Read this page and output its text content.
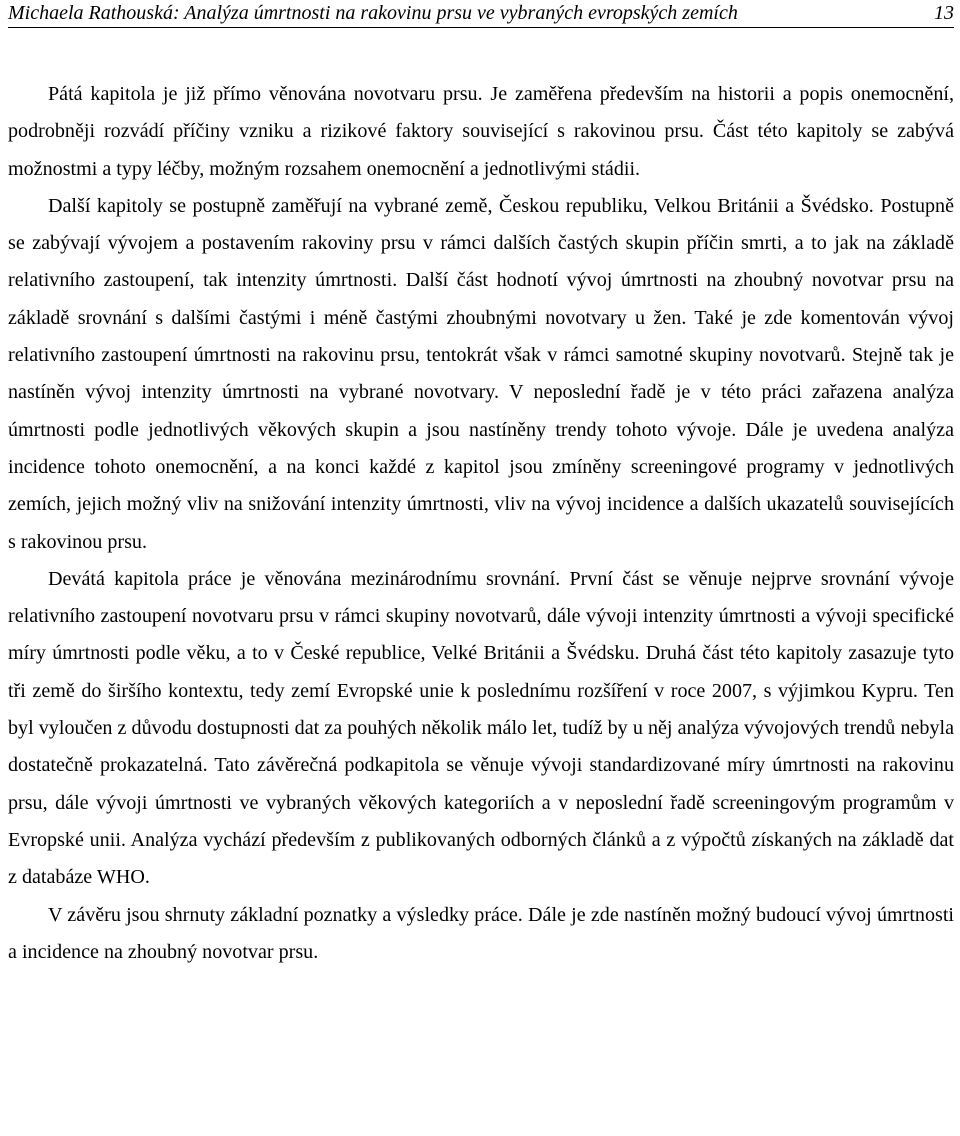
Michaela Rathouská: Analýza úmrtnosti na rakovinu prsu ve vybraných evropských zemích	13

Pátá kapitola je již přímo věnována novotvaru prsu. Je zaměřena především na historii a popis onemocnění, podrobněji rozvádí příčiny vzniku a rizikové faktory související s rakovinou prsu. Část této kapitoly se zabývá možnostmi a typy léčby, možným rozsahem onemocnění a jednotlivými stádii.

Další kapitoly se postupně zaměřují na vybrané země, Českou republiku, Velkou Británii a Švédsko. Postupně se zabývají vývojem a postavením rakoviny prsu v rámci dalších častých skupin příčin smrti, a to jak na základě relativního zastoupení, tak intenzity úmrtnosti. Další část hodnotí vývoj úmrtnosti na zhoubný novotvar prsu na základě srovnání s dalšími častými i méně častými zhoubnými novotvary u žen. Také je zde komentován vývoj relativního zastoupení úmrtnosti na rakovinu prsu, tentokrát však v rámci samotné skupiny novotvarů. Stejně tak je nastíněn vývoj intenzity úmrtnosti na vybrané novotvary. V neposlední řadě je v této práci zařazena analýza úmrtnosti podle jednotlivých věkových skupin a jsou nastíněny trendy tohoto vývoje. Dále je uvedena analýza incidence tohoto onemocnění, a na konci každé z kapitol jsou zmíněny screeningové programy v jednotlivých zemích, jejich možný vliv na snižování intenzity úmrtnosti, vliv na vývoj incidence a dalších ukazatelů souvisejících s rakovinou prsu.

Devátá kapitola práce je věnována mezinárodnímu srovnání. První část se věnuje nejprve srovnání vývoje relativního zastoupení novotvaru prsu v rámci skupiny novotvarů, dále vývoji intenzity úmrtnosti a vývoji specifické míry úmrtnosti podle věku, a to v České republice, Velké Británii a Švédsku. Druhá část této kapitoly zasazuje tyto tři země do širšího kontextu, tedy zemí Evropské unie k poslednímu rozšíření v roce 2007, s výjimkou Kypru. Ten byl vyloučen z důvodu dostupnosti dat za pouhých několik málo let, tudíž by u něj analýza vývojových trendů nebyla dostatečně prokazatelná. Tato závěrečná podkapitola se věnuje vývoji standardizované míry úmrtnosti na rakovinu prsu, dále vývoji úmrtnosti ve vybraných věkových kategoriích a v neposlední řadě screeningovým programům v Evropské unii. Analýza vychází především z publikovaných odborných článků a z výpočtů získaných na základě dat z databáze WHO.

V závěru jsou shrnuty základní poznatky a výsledky práce. Dále je zde nastíněn možný budoucí vývoj úmrtnosti a incidence na zhoubný novotvar prsu.
